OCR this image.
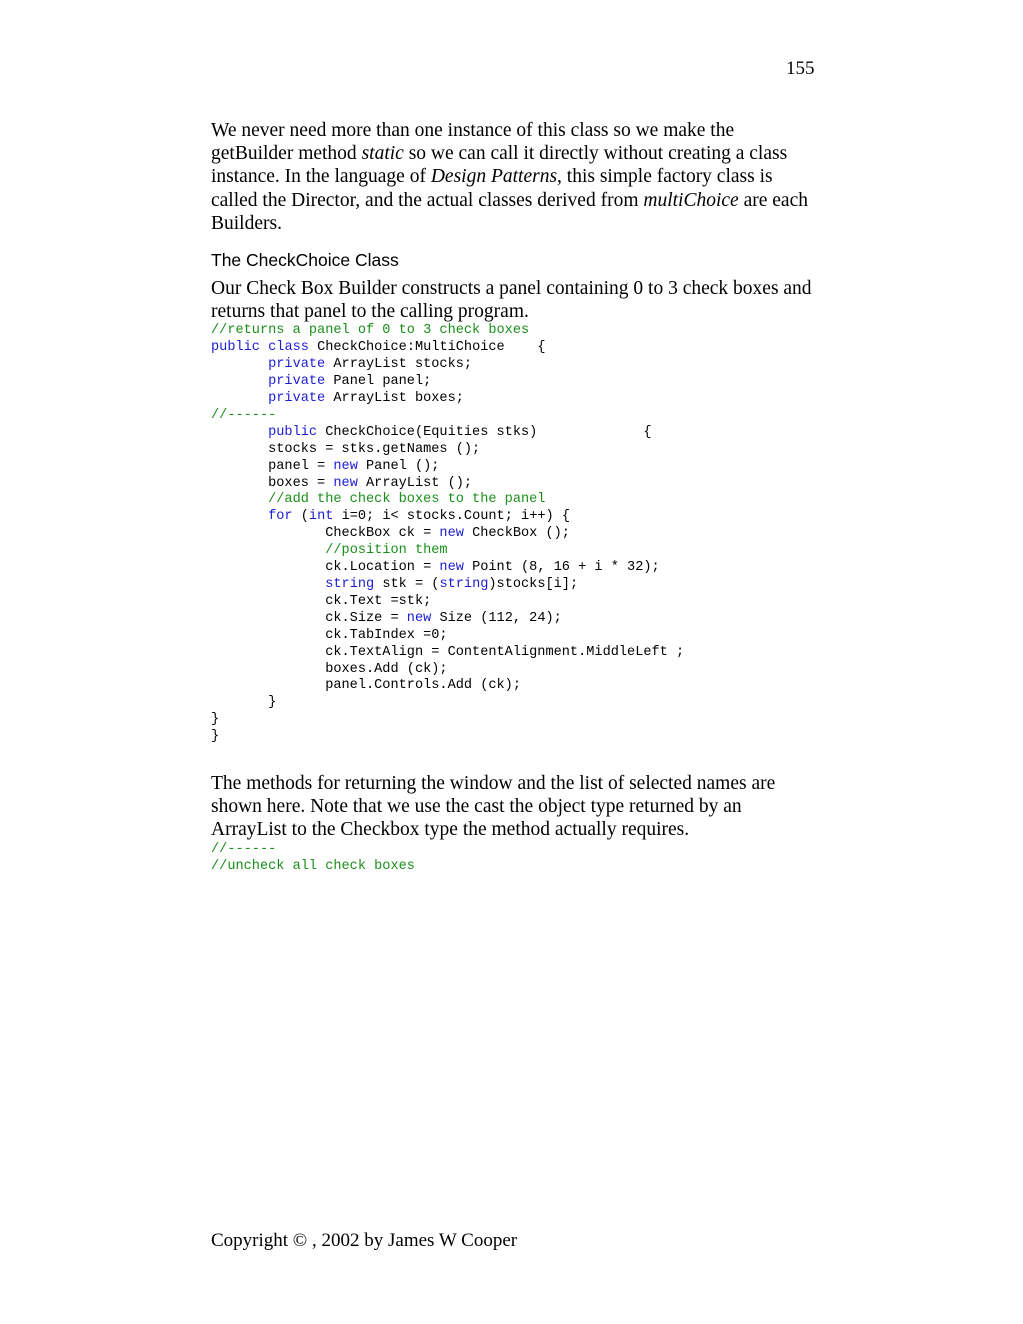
155

We never need more than one instance of this class so we make the getBuilder method static so we can call it directly without creating a class instance. In the language of Design Patterns, this simple factory class is called the Director, and the actual classes derived from multiChoice are each Builders.

The CheckChoice Class

Our Check Box Builder constructs a panel containing 0 to 3 check boxes and returns that panel to the calling program.

//returns a panel of 0 to 3 check boxes
public class CheckChoice:MultiChoice    {
private ArrayList stocks;
private Panel panel;
private ArrayList boxes;
//------
public CheckChoice(Equities stks)             {
stocks = stks.getNames ();
panel = new Panel ();
boxes = new ArrayList ();
//add the check boxes to the panel
for (int i=0; i< stocks.Count; i++) {
CheckBox ck = new CheckBox ();
//position them
ck.Location = new Point (8, 16 + i * 32);
string stk = (string)stocks[i];
ck.Text =stk;
ck.Size = new Size (112, 24);
ck.TabIndex =0;
ck.TextAlign = ContentAlignment.MiddleLeft ;
boxes.Add (ck);
panel.Controls.Add (ck);
}
}
}

The methods for returning the window and the list of selected names are shown here. Note that we use the cast the object type returned by an ArrayList to the Checkbox type the method actually requires.

//------
//uncheck all check boxes
Copyright © , 2002 by James W Cooper
